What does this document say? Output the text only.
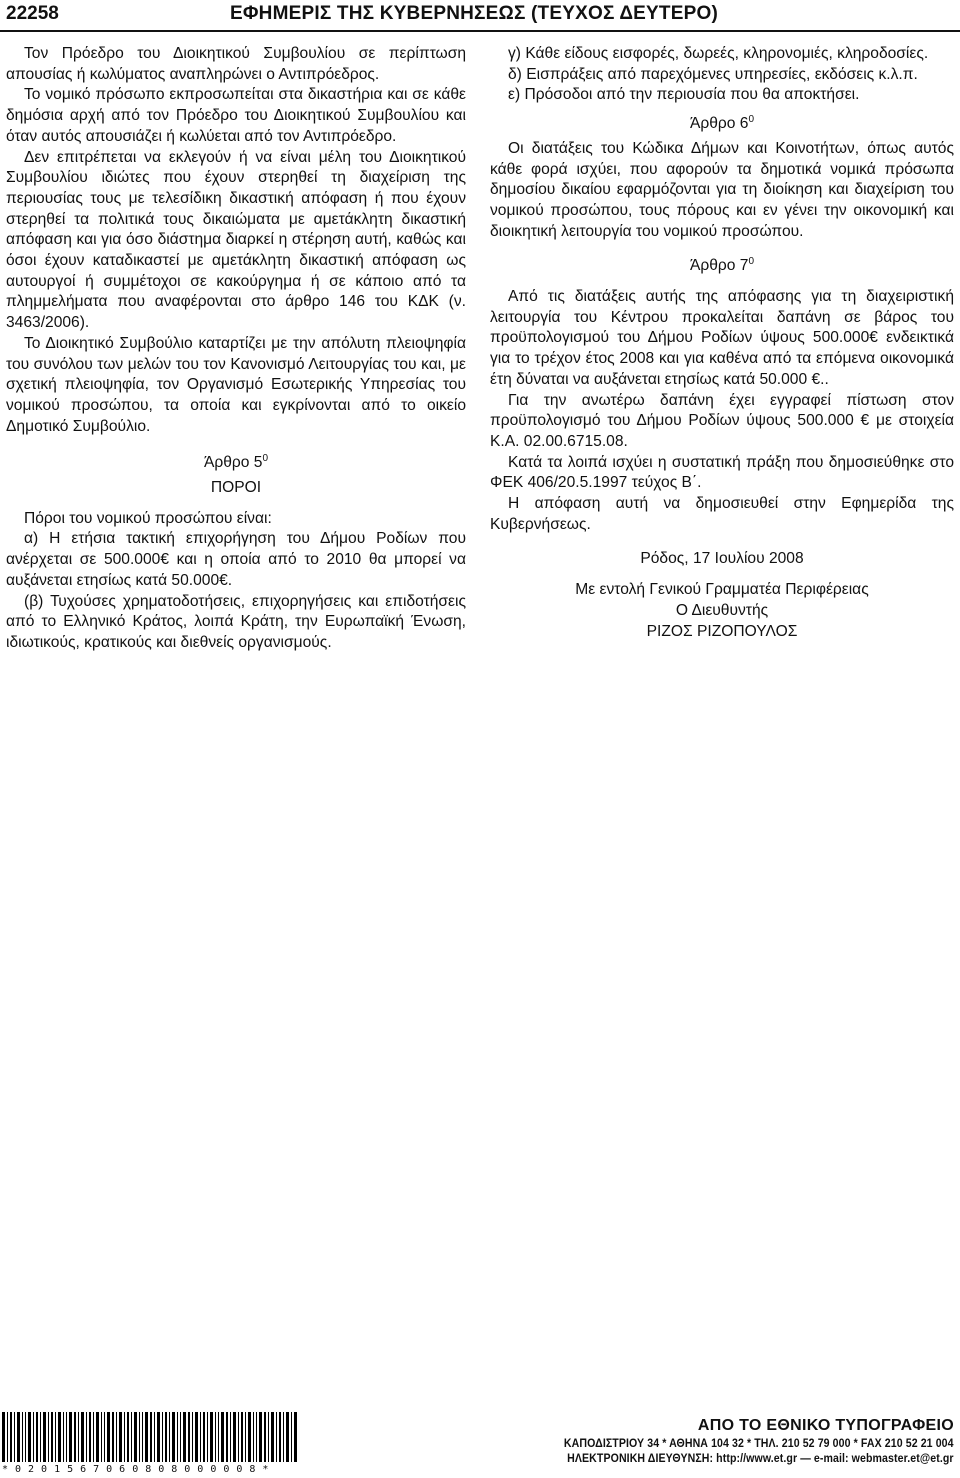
22258	ΕΦΗΜΕΡΙΣ ΤΗΣ ΚΥΒΕΡΝΗΣΕΩΣ (ΤΕΥΧΟΣ ΔΕΥΤΕΡΟ)

Τον Πρόεδρο του Διοικητικού Συμβουλίου σε περίπτωση απουσίας ή κωλύματος αναπληρώνει ο Αντιπρόεδρος.

Το νομικό πρόσωπο εκπροσωπείται στα δικαστήρια και σε κάθε δημόσια αρχή από τον Πρόεδρο του Διοικητικού Συμβουλίου και όταν αυτός απουσιάζει ή κωλύεται από τον Αντιπρόεδρο.

Δεν επιτρέπεται να εκλεγούν ή να είναι μέλη του Διοικητικού Συμβουλίου ιδιώτες που έχουν στερηθεί τη διαχείριση της περιουσίας τους με τελεσίδικη δικαστική απόφαση ή που έχουν στερηθεί τα πολιτικά τους δικαιώματα με αμετάκλητη δικαστική απόφαση και για όσο διάστημα διαρκεί η στέρηση αυτή, καθώς και όσοι έχουν καταδικαστεί με αμετάκλητη δικαστική απόφαση ως αυτουργοί ή συμμέτοχοι σε κακούργημα ή σε κάποιο από τα πλημμελήματα που αναφέρονται στο άρθρο 146 του ΚΔΚ (ν. 3463/2006).

Το Διοικητικό Συμβούλιο καταρτίζει με την απόλυτη πλειοψηφία του συνόλου των μελών του τον Κανονισμό Λειτουργίας του και, με σχετική πλειοψηφία, τον Οργανισμό Εσωτερικής Υπηρεσίας του νομικού προσώπου, τα οποία και εγκρίνονται από το οικείο Δημοτικό Συμβούλιο.

Άρθρο $5^0$

ΠΟΡΟΙ

Πόροι του νομικού προσώπου είναι:

α) Η ετήσια τακτική επιχορήγηση του Δήμου Ροδίων που ανέρχεται σε 500.000€ και η οποία από το 2010 θα μπορεί να αυξάνεται ετησίως κατά 50.000€.

(β) Τυχούσες χρηματοδοτήσεις, επιχορηγήσεις και επιδοτήσεις από το Ελληνικό Κράτος, λοιπά Κράτη, την Ευρωπαϊκή Ένωση, ιδιωτικούς, κρατικούς και διεθνείς οργανισμούς.

γ) Κάθε είδους εισφορές, δωρεές, κληρονομιές, κληροδοσίες.

δ) Εισπράξεις από παρεχόμενες υπηρεσίες, εκδόσεις κ.λ.π.

ε) Πρόσοδοι από την περιουσία που θα αποκτήσει.

Άρθρο $6^0$

Οι διατάξεις του Κώδικα Δήμων και Κοινοτήτων, όπως αυτός κάθε φορά ισχύει, που αφορούν τα δημοτικά νομικά πρόσωπα δημοσίου δικαίου εφαρμόζονται για τη διοίκηση και διαχείριση του νομικού προσώπου, τους πόρους και εν γένει την οικονομική και διοικητική λειτουργία του νομικού προσώπου.

Άρθρο $7^0$

Από τις διατάξεις αυτής της απόφασης για τη διαχειριστική λειτουργία του Κέντρου προκαλείται δαπάνη σε βάρος του προϋπολογισμού του Δήμου Ροδίων ύψους 500.000€ ενδεικτικά για το τρέχον έτος 2008 και για καθένα από τα επόμενα οικονομικά έτη δύναται να αυξάνεται ετησίως κατά 50.000 €..

Για την ανωτέρω δαπάνη έχει εγγραφεί πίστωση στον προϋπολογισμό του Δήμου Ροδίων ύψους 500.000 € με στοιχεία Κ.Α. 02.00.6715.08.

Κατά τα λοιπά ισχύει η συστατική πράξη που δημοσιεύθηκε στο ΦΕΚ 406/20.5.1997 τεύχος Β΄.

Η απόφαση αυτή να δημοσιευθεί στην Εφημερίδα της Κυβερνήσεως.

Ρόδος, 17 Ιουλίου 2008

Με εντολή Γενικού Γραμματέα Περιφέρειας

Ο Διευθυντής

ΡΙΖΟΣ ΡΙΖΟΠΟΥΛΟΣ

*0201567060808000008*
ΑΠΟ ΤΟ ΕΘΝΙΚΟ ΤΥΠΟΓΡΑΦΕΙΟ
ΚΑΠΟΔΙΣΤΡΙΟΥ 34 * ΑΘΗΝΑ 104 32 * ΤΗΛ. 210 52 79 000 * FAX 210 52 21 004
ΗΛΕΚΤΡΟΝΙΚΗ ΔΙΕΥΘΥΝΣΗ: http://www.et.gr — e-mail: webmaster.et@et.gr
